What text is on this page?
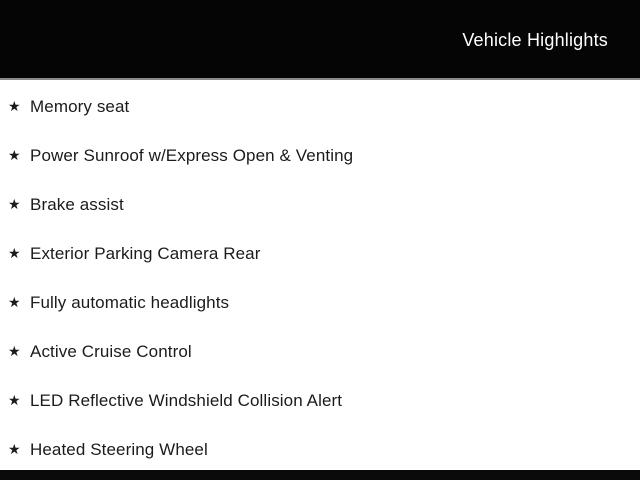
Vehicle Highlights
★ Memory seat
★ Power Sunroof w/Express Open & Venting
★ Brake assist
★ Exterior Parking Camera Rear
★ Fully automatic headlights
★ Active Cruise Control
★ LED Reflective Windshield Collision Alert
★ Heated Steering Wheel
